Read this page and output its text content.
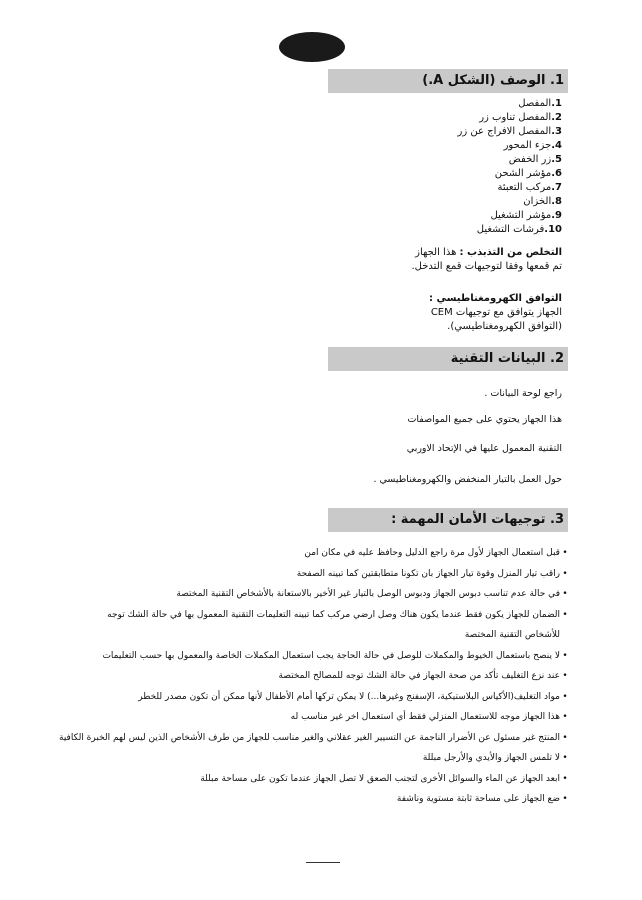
1. الوصف (الشكل A.)
1.المفصل
2.المفصل تناوب زر
3.المفصل الافراج عن زر
4.جزء المحور
5.زر الخفض
6.مؤشر الشحن
7.مركب التعبئة
8.الخزان
9.مؤشر التشغيل
10.فرشات التشغيل
التخلص من التذبذب : هذا الجهاز
تم قمعها وفقا لتوجيهات قمع التدخل.
التوافق الكهرومغناطيسي :
الجهاز يتوافق مع توجيهات CEM
(التوافق الكهرومغناطيسي).
2. البيانات التقنية
راجع لوحة البيانات .
هذا الجهاز يحتوي على جميع المواصفات
التقنية المعمول عليها في الإتحاد الاوربي
حول العمل بالتيار المنخفض والكهرومغناطيسي .
3. توجيهات الأمان المهمة :
•قبل استعمال الجهاز لأول مرة راجع الدليل وحافظ عليه في مكان امن
•راقب تيار المنزل وقوة تيار الجهاز بان تكونا متطابقتين كما تبينه الصفحة
•في حالة عدم تناسب دبوس الجهاز ودبوس الوصل بالتيار غير الأخير بالاستعانة بالأشخاص التقنية المختصة
•الضمان للجهاز يكون فقط عندما يكون هناك وصل ارضي مركب كما تبينه التعليمات التقنية المعمول بها في حالة الشك توجه
للأشخاص التقنية المختصة
•لا ينصح باستعمال الخيوط والمكملات للوصل في حالة الحاجة يجب استعمال المكملات الخاصة والمعمول بها حسب التعليمات
•عند نزع التغليف تأكد من صحة الجهاز في حالة الشك توجه للمصالح المختصة
•مواد التغليف(الأكياس البلاستيكية، الإسفنج وغيرها...) لا يمكن تركها أمام الأطفال لأنها ممكن أن تكون مصدر للخطر
•هذا الجهاز موجه للاستعمال المنزلي فقط أي استعمال اخر غير مناسب له
•المنتج غير مسئول عن الأضرار الناجمة عن التسيير الغير عقلاني والغير مناسب للجهاز من طرف الأشخاص الذين ليس لهم الخبرة الكافية
•لا تلمس الجهاز والأيدي والأرجل مبللة
•ابعد الجهاز عن الماء والسوائل الأخرى لتجنب الصعق لا تصل الجهاز عندما تكون على مساحة مبللة
•ضع الجهاز على مساحة ثابتة مستوية وناشفة
